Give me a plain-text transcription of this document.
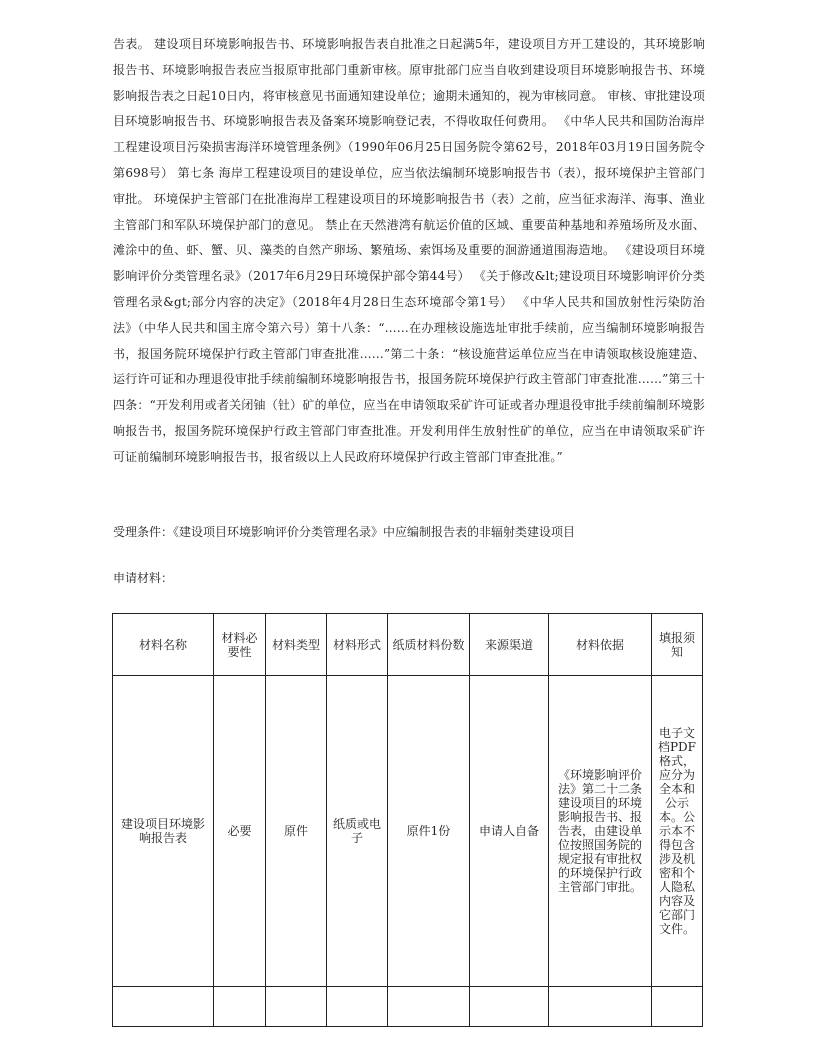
告表。 建设项目环境影响报告书、环境影响报告表自批准之日起满5年，建设项目方开工建设的，其环境影响报告书、环境影响报告表应当报原审批部门重新审核。原审批部门应当自收到建设项目环境影响报告书、环境影响报告表之日起10日内，将审核意见书面通知建设单位；逾期未通知的，视为审核同意。 审核、审批建设项目环境影响报告书、环境影响报告表及备案环境影响登记表，不得收取任何费用。 《中华人民共和国防治海岸工程建设项目污染损害海洋环境管理条例》（1990年06月25日国务院令第62号，2018年03月19日国务院令第698号） 第七条 海岸工程建设项目的建设单位，应当依法编制环境影响报告书（表），报环境保护主管部门审批。 环境保护主管部门在批准海岸工程建设项目的环境影响报告书（表）之前，应当征求海洋、海事、渔业主管部门和军队环境保护部门的意见。 禁止在天然港湾有航运价值的区域、重要苗种基地和养殖场所及水面、滩涂中的鱼、虾、蟹、贝、藻类的自然产卵场、繁殖场、索饵场及重要的洄游通道围海造地。 《建设项目环境影响评价分类管理名录》（2017年6月29日环境保护部令第44号） 《关于修改&lt;建设项目环境影响评价分类管理名录&gt;部分内容的决定》（2018年4月28日生态环境部令第1号） 《中华人民共和国放射性污染防治法》（中华人民共和国主席令第六号）第十八条：“……在办理核设施选址审批手续前，应当编制环境影响报告书，报国务院环境保护行政主管部门审查批准……”第二十条：“核设施营运单位应当在申请领取核设施建造、运行许可证和办理退役审批手续前编制环境影响报告书，报国务院环境保护行政主管部门审查批准……”第三十四条：“开发利用或者关闭铀（钍）矿的单位，应当在申请领取采矿许可证或者办理退役审批手续前编制环境影响报告书，报国务院环境保护行政主管部门审查批准。开发利用伴生放射性矿的单位，应当在申请领取采矿许可证前编制环境影响报告书，报省级以上人民政府环境保护行政主管部门审查批准。”

受理条件：《建设项目环境影响评价分类管理名录》中应编制报告表的非辐射类建设项目
申请材料：
材料名称	材料必要性	材料类型	材料形式	纸质材料份数	来源渠道	材料依据	填报须知
建设项目环境影响报告表	必要	原件	纸质或电子	原件1份	申请人自备	《环境影响评价法》第二十二条建设项目的环境影响报告书、报告表，由建设单位按照国务院的规定报有审批权的环境保护行政主管部门审批。	电子文档PDF格式，应分为全本和公示本。公示本不得包含涉及机密和个人隐私内容及它部门文件。
